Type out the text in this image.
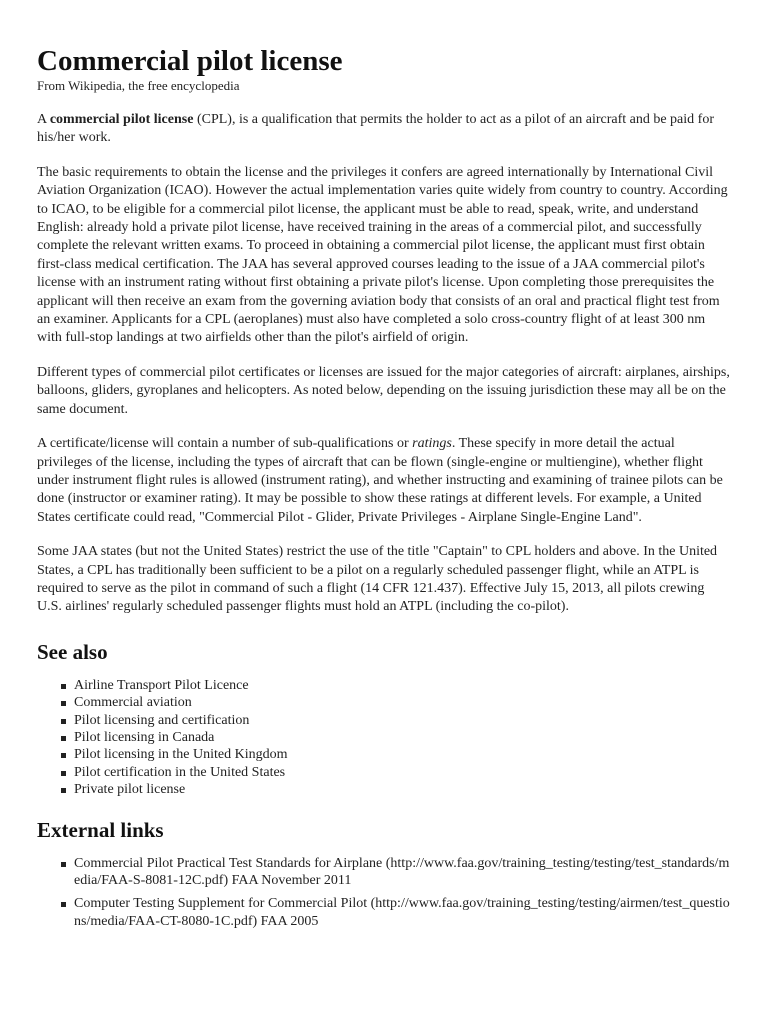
Commercial pilot license
From Wikipedia, the free encyclopedia

A commercial pilot license (CPL), is a qualification that permits the holder to act as a pilot of an aircraft and be paid for his/her work.

The basic requirements to obtain the license and the privileges it confers are agreed internationally by International Civil Aviation Organization (ICAO). However the actual implementation varies quite widely from country to country. According to ICAO, to be eligible for a commercial pilot license, the applicant must be able to read, speak, write, and understand English: already hold a private pilot license, have received training in the areas of a commercial pilot, and successfully complete the relevant written exams. To proceed in obtaining a commercial pilot license, the applicant must first obtain first-class medical certification. The JAA has several approved courses leading to the issue of a JAA commercial pilot's license with an instrument rating without first obtaining a private pilot's license. Upon completing those prerequisites the applicant will then receive an exam from the governing aviation body that consists of an oral and practical flight test from an examiner. Applicants for a CPL (aeroplanes) must also have completed a solo cross-country flight of at least 300 nm with full-stop landings at two airfields other than the pilot's airfield of origin.

Different types of commercial pilot certificates or licenses are issued for the major categories of aircraft: airplanes, airships, balloons, gliders, gyroplanes and helicopters. As noted below, depending on the issuing jurisdiction these may all be on the same document.

A certificate/license will contain a number of sub-qualifications or ratings. These specify in more detail the actual privileges of the license, including the types of aircraft that can be flown (single-engine or multiengine), whether flight under instrument flight rules is allowed (instrument rating), and whether instructing and examining of trainee pilots can be done (instructor or examiner rating). It may be possible to show these ratings at different levels. For example, a United States certificate could read, "Commercial Pilot - Glider, Private Privileges - Airplane Single-Engine Land".

Some JAA states (but not the United States) restrict the use of the title "Captain" to CPL holders and above. In the United States, a CPL has traditionally been sufficient to be a pilot on a regularly scheduled passenger flight, while an ATPL is required to serve as the pilot in command of such a flight (14 CFR 121.437). Effective July 15, 2013, all pilots crewing U.S. airlines' regularly scheduled passenger flights must hold an ATPL (including the co-pilot).

See also
Airline Transport Pilot Licence
Commercial aviation
Pilot licensing and certification
Pilot licensing in Canada
Pilot licensing in the United Kingdom
Pilot certification in the United States
Private pilot license
External links
Commercial Pilot Practical Test Standards for Airplane (http://www.faa.gov/training_testing/testing/test_standards/media/FAA-S-8081-12C.pdf) FAA November 2011
Computer Testing Supplement for Commercial Pilot (http://www.faa.gov/training_testing/testing/airmen/test_questions/media/FAA-CT-8080-1C.pdf) FAA 2005
